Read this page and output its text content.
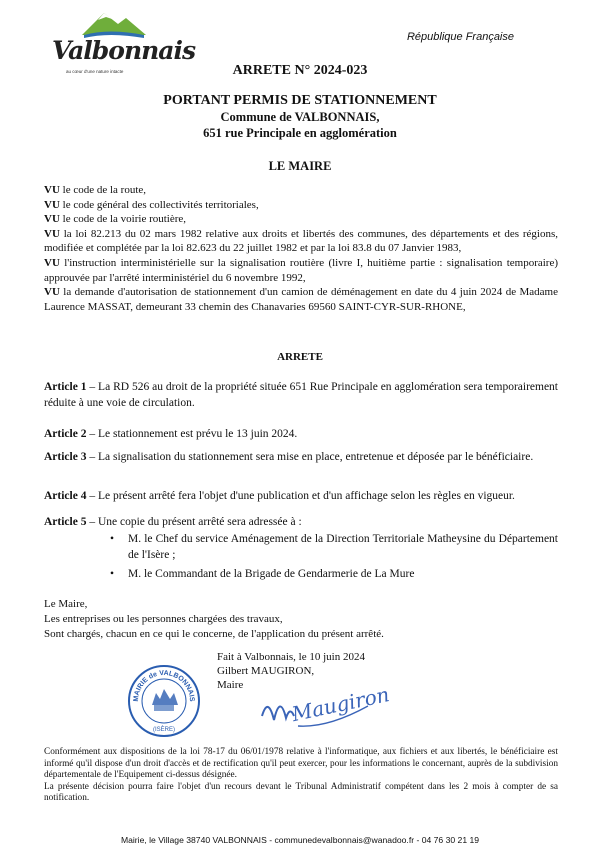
Valbonnais
au cœur d'une nature intacte
République Française
ARRETE N° 2024-023
PORTANT PERMIS DE STATIONNEMENT
Commune de VALBONNAIS,
651 rue Principale en agglomération
LE MAIRE
VU le code de la route,
VU le code général des collectivités territoriales,
VU le code de la voirie routière,
VU la loi 82.213 du 02 mars 1982 relative aux droits et libertés des communes, des départements et des régions, modifiée et complétée par la loi 82.623 du 22 juillet 1982 et par la loi 83.8 du 07 Janvier 1983,
VU l'instruction interministérielle sur la signalisation routière (livre I, huitième partie : signalisation temporaire) approuvée par l'arrêté interministériel du 6 novembre 1992,
VU la demande d'autorisation de stationnement d'un camion de déménagement en date du 4 juin 2024 de Madame Laurence MASSAT, demeurant 33 chemin des Chanavaries 69560 SAINT-CYR-SUR-RHONE,
ARRETE
Article 1 – La RD 526 au droit de la propriété située 651 Rue Principale en agglomération sera temporairement réduite à une voie de circulation.
Article 2 – Le stationnement est prévu le 13 juin 2024.
Article 3 – La signalisation du stationnement sera mise en place, entretenue et déposée par le bénéficiaire.
Article 4 – Le présent arrêté fera l'objet d'une publication et d'un affichage selon les règles en vigueur.
Article 5 – Une copie du présent arrêté sera adressée à :
• M. le Chef du service Aménagement de la Direction Territoriale Matheysine du Département de l'Isère ;
• M. le Commandant de la Brigade de Gendarmerie de La Mure
Le Maire,
Les entreprises ou les personnes chargées des travaux,
Sont chargés, chacun en ce qui le concerne, de l'application du présent arrêté.
Fait à Valbonnais, le 10 juin 2024
Gilbert MAUGIRON,
Maire
MAIRIE de VALBONNAIS
(ISÈRE)
Maugiron

Conformément aux dispositions de la loi 78-17 du 06/01/1978 relative à l'informatique, aux fichiers et aux libertés, le bénéficiaire est informé qu'il dispose d'un droit d'accès et de rectification qu'il peut exercer, pour les informations le concernant, auprès de la subdivision départementale de l'Equipement ci-dessus désignée.

La présente décision pourra faire l'objet d'un recours devant le Tribunal Administratif compétent dans les 2 mois à compter de sa notification.

Mairie, le Village 38740 VALBONNAIS - communedevalbonnais@wanadoo.fr - 04 76 30 21 19
